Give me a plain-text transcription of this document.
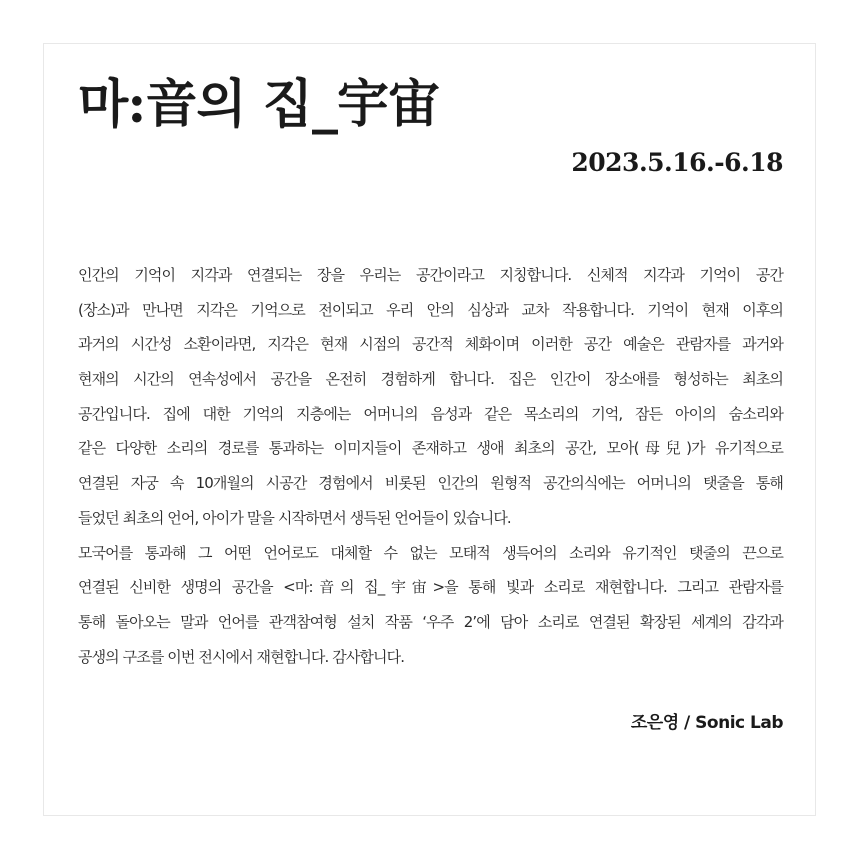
마:音의 집_宇宙
2023.5.16.-6.18
인간의 기억이 지각과 연결되는 장을 우리는 공간이라고 지칭합니다. 신체적 지각과 기억이 공간
(장소)과 만나면 지각은 기억으로 전이되고 우리 안의 심상과 교차 작용합니다. 기억이 현재 이후의
과거의 시간성 소환이라면, 지각은 현재 시점의 공간적 체화이며 이러한 공간 예술은 관람자를 과거와
현재의 시간의 연속성에서 공간을 온전히 경험하게 합니다. 집은 인간이 장소애를 형성하는 최초의
공간입니다. 집에 대한 기억의 지층에는 어머니의 음성과 같은 목소리의 기억, 잠든 아이의 숨소리와
같은 다양한 소리의 경로를 통과하는 이미지들이 존재하고 생애 최초의 공간, 모아(母兒)가 유기적으로
연결된 자궁 속 10개월의 시공간 경험에서 비롯된 인간의 원형적 공간의식에는 어머니의 탯줄을 통해
들었던 최초의 언어, 아이가 말을 시작하면서 생득된 언어들이 있습니다.
모국어를 통과해 그 어떤 언어로도 대체할 수 없는 모태적 생득어의 소리와 유기적인 탯줄의 끈으로
연결된 신비한 생명의 공간을 <마:音의 집_宇宙>을 통해 빛과 소리로 재현합니다. 그리고 관람자를
통해 돌아오는 말과 언어를 관객참여형 설치 작품 ‘우주 2’에 담아 소리로 연결된 확장된 세계의 감각과
공생의 구조를 이번 전시에서 재현합니다. 감사합니다.
조은영 / Sonic Lab
